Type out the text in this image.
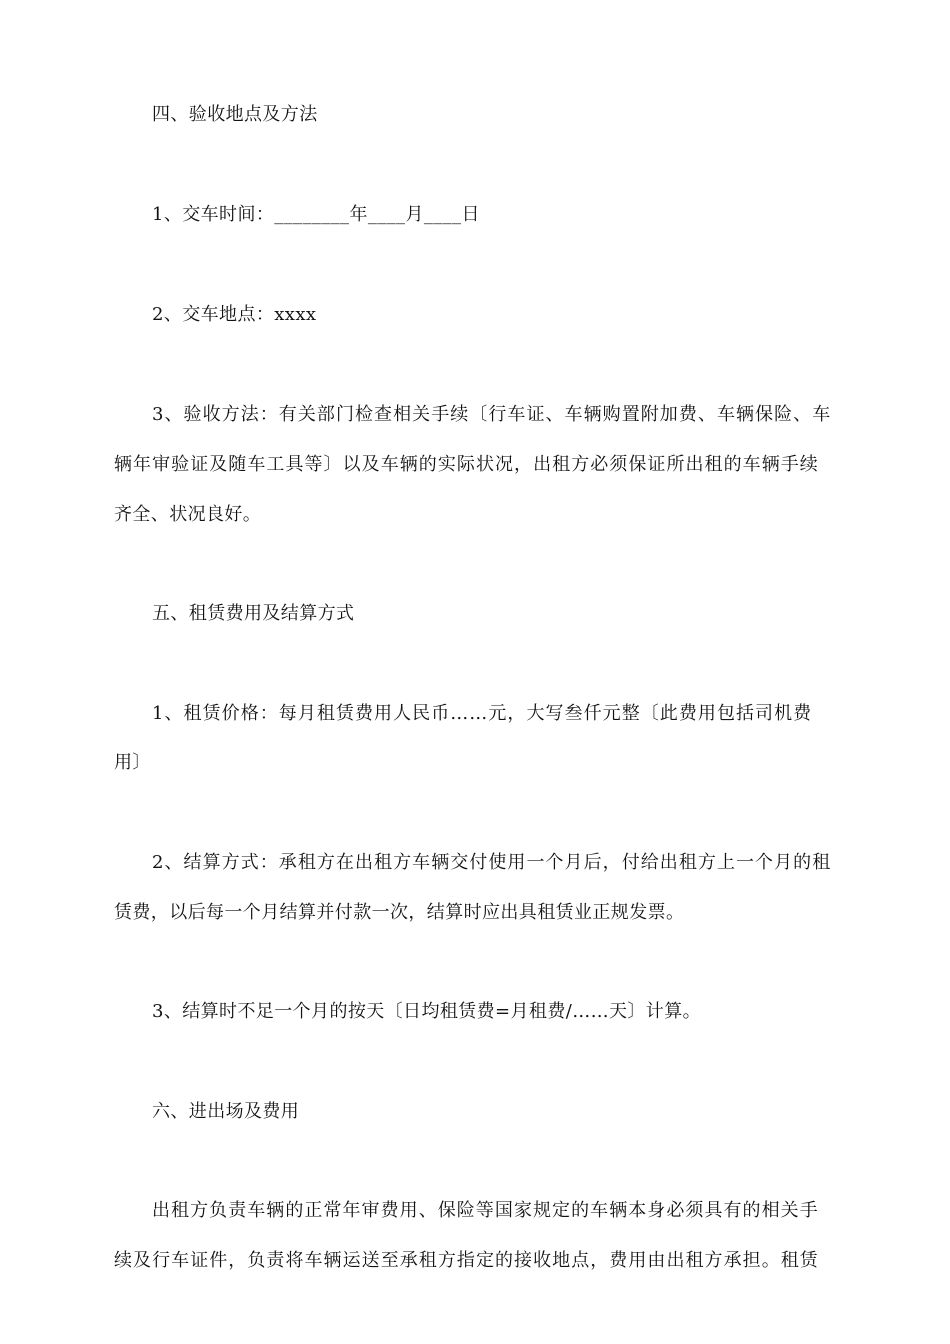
四、验收地点及方法
1、交车时间：________年____月____日
2、交车地点：xxxx
3、验收方法：有关部门检查相关手续〔行车证、车辆购置附加费、车辆保险、车
辆年审验证及随车工具等〕以及车辆的实际状况，出租方必须保证所出租的车辆手续
齐全、状况良好。
五、租赁费用及结算方式
1、租赁价格：每月租赁费用人民币……元，大写叁仟元整〔此费用包括司机费
用〕
2、结算方式：承租方在出租方车辆交付使用一个月后，付给出租方上一个月的租
赁费，以后每一个月结算并付款一次，结算时应出具租赁业正规发票。
3、结算时不足一个月的按天〔日均租赁费=月租费/……天〕计算。
六、进出场及费用
出租方负责车辆的正常年审费用、保险等国家规定的车辆本身必须具有的相关手
续及行车证件，负责将车辆运送至承租方指定的接收地点，费用由出租方承担。租赁
